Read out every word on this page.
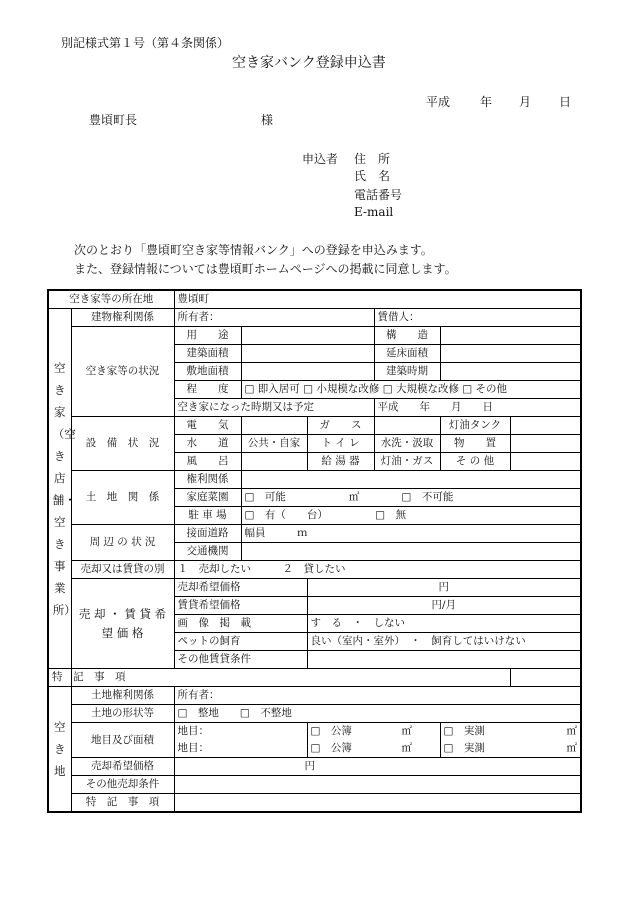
別記様式第１号（第４条関係）
空き家バンク登録申込書
平成 年 月 日
豊頃町長	様
申込者 住　所
氏　名
電話番号
E-mail
次のとおり「豊頃町空き家等情報バンク」への登録を申込みます。
また、登録情報については豊頃町ホームページへの掲載に同意します。
空き家等の所在地		豊頃町					
空き家（空き店舗・空き事業所）	建物権利関係	所有者：			賃借人：		
	空き家等の状況	用　　途			構　　造		
		建築面積			延床面積		
		敷地面積			建築時期		
		程　　度	□ 即入居可 □ 小規模な改修 □ 大規模な改修 □ その他				
		空き家になった時期又は予定			平成　　年　　月　　日		
	設　備　状　況	電　　気		ガ　　ス		灯油タンク	
		水　　道	公共・自家	ト イ レ	水洗・汲取	物　　置	
		風　　呂		給 湯 器	灯油・ガス	そ の 他	
	土　地　関　係	権利関係					
		家庭菜園	□　可能　　　　　　㎡　　　　□　不可能				
		駐 車 場	□　有（　　台）　　　　　□　無				
	周 辺 の 状 況	接面道路	幅員　　　ｍ				
		交通機関					
	売却又は賃貸の別	１　売却したい　　　２　貸したい					
	売 却 ・ 賃 貸 希 望 価 格	売却希望価格		円			
		賃貸希望価格		円/月			
		画　像　掲　載		す　る　・　しない			
		ペットの飼育		良い（室内・室外）　・　飼育してはいけない			
		その他賃貸条件					
特　記　事　項							
空き地	土地権利関係	所有者：					
	土地の形状等	□　整地　　□　不整地					
	地目及び面積	地目：		□　公簿	㎡	□　実測	㎡
		地目：		□　公簿	㎡	□　実測	㎡
	売却希望価格	円					
	その他売却条件						
	特　記　事　項						
